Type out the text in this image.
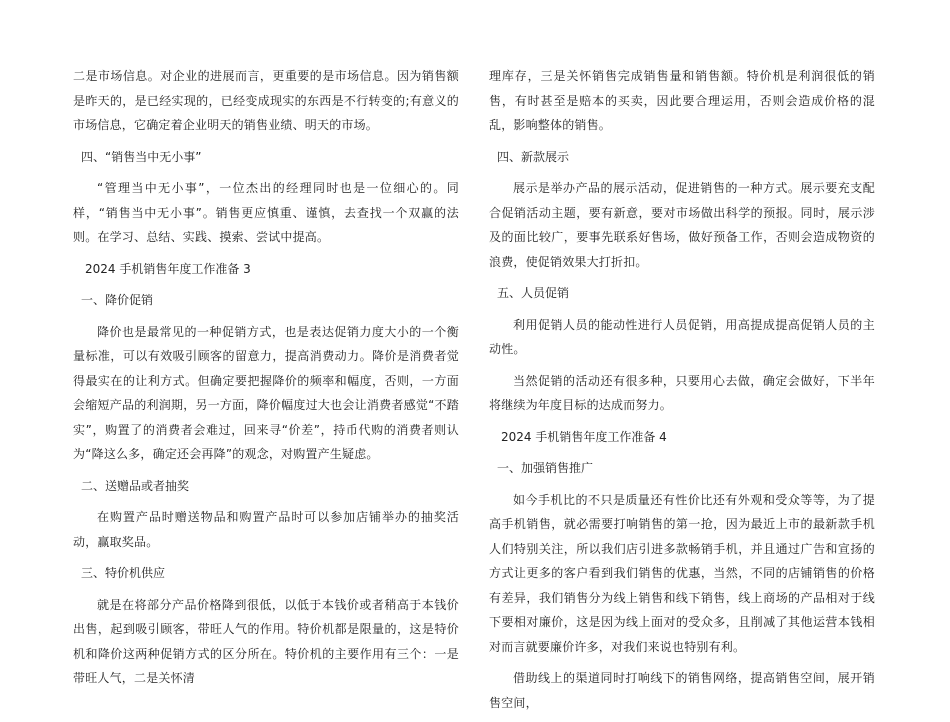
二是市场信息。对企业的进展而言，更重要的是市场信息。因为销售额是昨天的，是已经实现的，已经变成现实的东西是不行转变的;有意义的市场信息，它确定着企业明天的销售业绩、明天的市场。

四、“销售当中无小事”

“管理当中无小事”，一位杰出的经理同时也是一位细心的。同样，“销售当中无小事”。销售更应慎重、谨慎，去查找一个双赢的法则。在学习、总结、实践、摸索、尝试中提高。

2024 手机销售年度工作准备 3

一、降价促销

降价也是最常见的一种促销方式，也是表达促销力度大小的一个衡量标准，可以有效吸引顾客的留意力，提高消费动力。降价是消费者觉得最实在的让利方式。但确定要把握降价的频率和幅度，否则，一方面会缩短产品的利润期，另一方面，降价幅度过大也会让消费者感觉“不踏实”，购置了的消费者会难过，回来寻“价差”，持币代购的消费者则认为“降这么多，确定还会再降”的观念，对购置产生疑虑。

二、送赠品或者抽奖

在购置产品时赠送物品和购置产品时可以参加店铺举办的抽奖活动，赢取奖品。

三、特价机供应

就是在将部分产品价格降到很低，以低于本钱价或者稍高于本钱价出售，起到吸引顾客，带旺人气的作用。特价机都是限量的，这是特价机和降价这两种促销方式的区分所在。特价机的主要作用有三个：一是带旺人气，二是关怀清

理库存，三是关怀销售完成销售量和销售额。特价机是利润很低的销售，有时甚至是赔本的买卖，因此要合理运用，否则会造成价格的混乱，影响整体的销售。

四、新款展示

展示是举办产品的展示活动，促进销售的一种方式。展示要充支配合促销活动主题，要有新意，要对市场做出科学的预报。同时，展示涉及的面比较广，要事先联系好售场，做好预备工作，否则会造成物资的浪费，使促销效果大打折扣。

五、人员促销

利用促销人员的能动性进行人员促销，用高提成提高促销人员的主动性。

当然促销的活动还有很多种，只要用心去做，确定会做好，下半年将继续为年度目标的达成而努力。

2024 手机销售年度工作准备 4

一、加强销售推广

如今手机比的不只是质量还有性价比还有外观和受众等等，为了提高手机销售，就必需要打响销售的第一抢，因为最近上市的最新款手机人们特别关注，所以我们店引进多款畅销手机，并且通过广告和宣扬的方式让更多的客户看到我们销售的优惠，当然，不同的店铺销售的价格有差异，我们销售分为线上销售和线下销售，线上商场的产品相对于线下要相对廉价，这是因为线上面对的受众多，且削减了其他运营本钱相对而言就要廉价许多，对我们来说也特别有利。

借助线上的渠道同时打响线下的销售网络，提高销售空间，展开销售空间，
